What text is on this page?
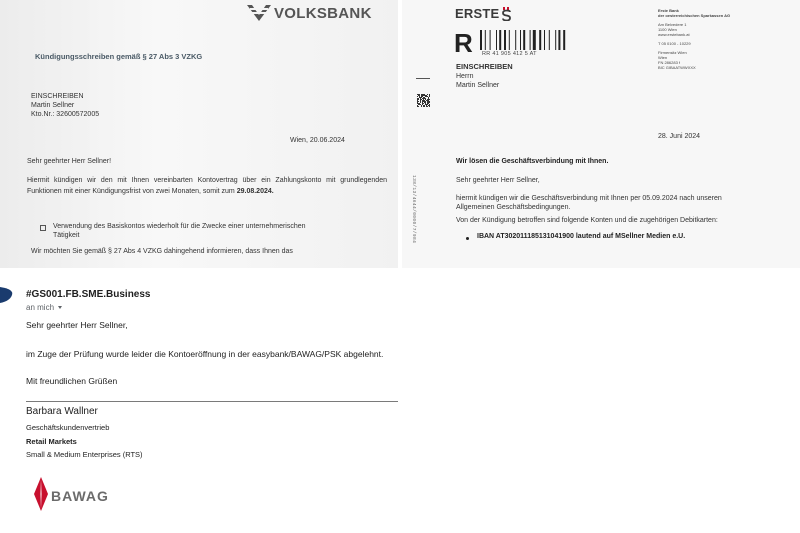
VOLKSBANK
Kündigungsschreiben gemäß § 27 Abs 3 VZKG
EINSCHREIBEN
Martin Sellner
Kto.Nr.: 32600572005
Wien, 20.06.2024
Sehr geehrter Herr Sellner!
Hiermit kündigen wir den mit Ihnen vereinbarten Kontovertrag über ein Zahlungskonto mit grundlegenden Funktionen mit einer Kündigungsfrist von zwei Monaten, somit zum 29.08.2024.
Verwendung des Basiskontos wiederholt für die Zwecke einer unternehmerischen Tätigkeit
Wir möchten Sie gemäß § 27 Abs 4 VZKG dahingehend informieren, dass Ihnen das
ERSTE
R RR 41 905 412 5 AT
EINSCHREIBEN
Herrn
Martin Sellner
138/13/4644/0000/7/984
Erste Bank
der oesterreichischen Sparkassen AG
Am Belvedere 1
1100 Wien
www.erstebank.at
T 05 0100 - 10229
Firmensitz Wien
Wien
FN 286283 f
BIC GIBAATWWXXX
28. Juni 2024
Wir lösen die Geschäftsverbindung mit Ihnen.
Sehr geehrter Herr Sellner,
hiermit kündigen wir die Geschäftsverbindung mit Ihnen per 05.09.2024 nach unseren Allgemeinen Geschäftsbedingungen.
Von der Kündigung betroffen sind folgende Konten und die zugehörigen Debitkarten:
IBAN AT302011185131041900 lautend auf MSellner Medien e.U.
#GS001.FB.SME.Business
an mich
Sehr geehrter Herr Sellner,
im Zuge der Prüfung wurde leider die Kontoeröffnung in der easybank/BAWAG/PSK abgelehnt.
Mit freundlichen Grüßen
Barbara Wallner
Geschäftskundenvertrieb
Retail Markets
Small & Medium Enterprises (RTS)
BAWAG
